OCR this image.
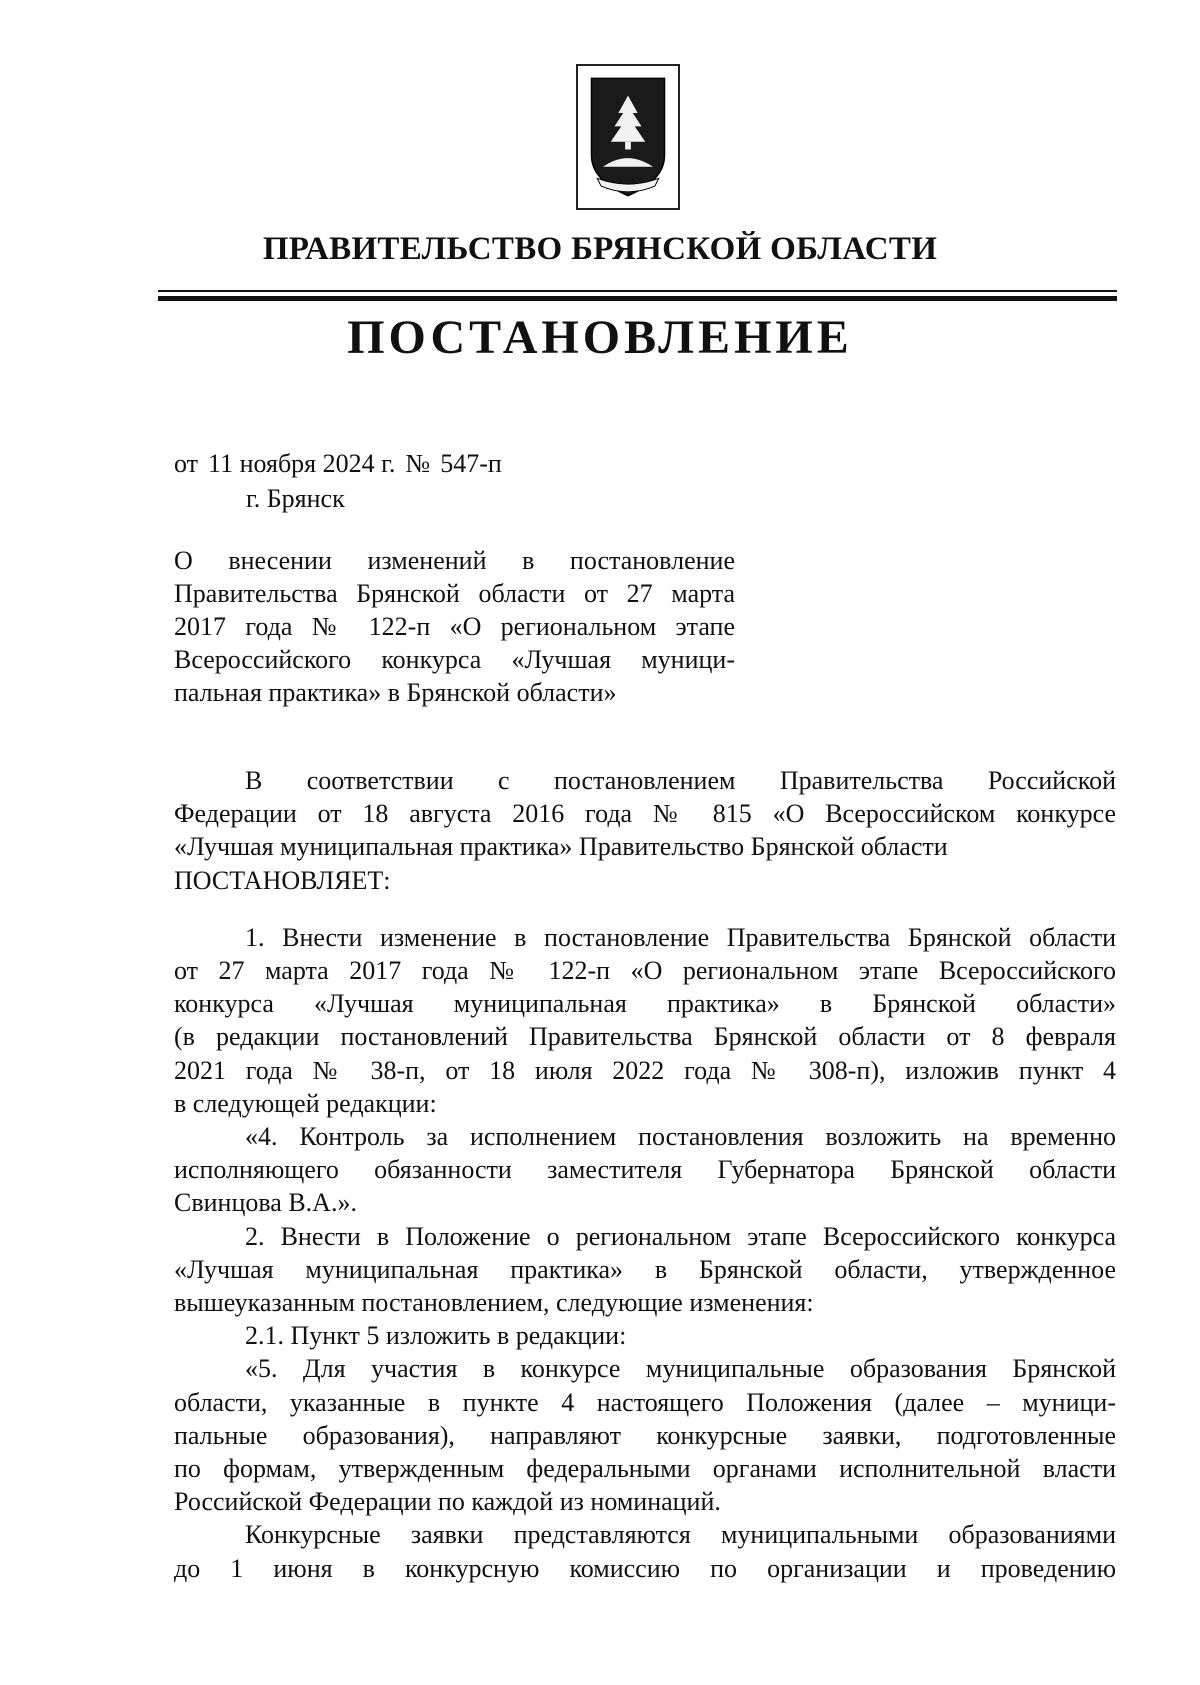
ПРАВИТЕЛЬСТВО БРЯНСКОЙ ОБЛАСТИ
ПОСТАНОВЛЕНИЕ
от 11 ноября 2024 г. № 547-п
г. Брянск
О внесении изменений в постановление
Правительства Брянской области от 27 марта
2017 года № 122-п «О региональном этапе
Всероссийского конкурса «Лучшая муници-
пальная практика» в Брянской области»
В соответствии с постановлением Правительства Российской
Федерации от 18 августа 2016 года № 815 «О Всероссийском конкурсе
«Лучшая муниципальная практика» Правительство Брянской области
ПОСТАНОВЛЯЕТ:
1. Внести изменение в постановление Правительства Брянской области
от 27 марта 2017 года № 122-п «О региональном этапе Всероссийского
конкурса «Лучшая муниципальная практика» в Брянской области»
(в редакции постановлений Правительства Брянской области от 8 февраля
2021 года № 38-п, от 18 июля 2022 года № 308-п), изложив пункт 4
в следующей редакции:
«4. Контроль за исполнением постановления возложить на временно
исполняющего обязанности заместителя Губернатора Брянской области
Свинцова В.А.».
2. Внести в Положение о региональном этапе Всероссийского конкурса
«Лучшая муниципальная практика» в Брянской области, утвержденное
вышеуказанным постановлением, следующие изменения:
2.1. Пункт 5 изложить в редакции:
«5. Для участия в конкурсе муниципальные образования Брянской
области, указанные в пункте 4 настоящего Положения (далее – муници-
пальные образования), направляют конкурсные заявки, подготовленные
по формам, утвержденным федеральными органами исполнительной власти
Российской Федерации по каждой из номинаций.
Конкурсные заявки представляются муниципальными образованиями
до 1 июня в конкурсную комиссию по организации и проведению
